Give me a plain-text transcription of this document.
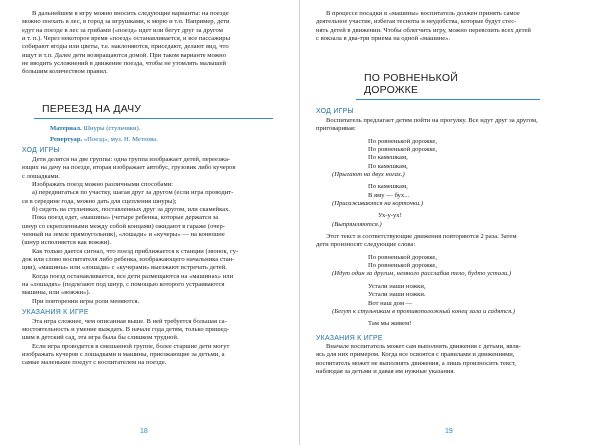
В дальнейшем в игру можно вносить следующие варианты: на поезде

можно поехать в лес, в город за игрушками, к морю и т.п. Например, дети

едут на поезде в лес за грибами («поезд» идет или бегут друг за другом

и т. п.). Через некоторое время «поезд» останавливается, и все пассажиры

собирают ягоды или цветы, т.е. наклоняются, приседают, делают вид, что

ищут и т.п. Далее дети возвращаются домой. При таком варианте можно

не вводить усложнений в движение поезда, чтобы не утомлять малышей

большим количеством правил.

ПЕРЕЕЗД НА ДАЧУ
Материал. Шнуры (стульчики).
Репертуар. «Поезд», муз. Н. Метлова.
ХОД ИГРЫ

Дети делятся на две группы: одна группа изображает детей, переезжа-

ющих на дачу на поезде, вторая изображает автобус, грузовик либо кучеров

с лошадками.

Изображать поезд можно различными способами:

а) передвигаться по участку, шагая друг за другом (если игра проводит-

ся в середине года, можно дать для сцепления шнуры);

б) сидеть на стульчиках, поставленных друг за другом, или скамейках.

Пока поезд едет, «машины» (четыре ребенка, которые держатся за

шнур со скрепленными между собой концами) ожидают в гараже (очер-

ченный на земле прямоугольник), «лошади» и «кучеры» — на конюшне

(шнур исполняется как вожжи).

Как только дается сигнал, что поезд приближается к станции (звонок, гу-

док или слово воспитателя либо ребенка, изображающего начальника стан-

ции), «машины» или «лошади» с «кучерами» выезжают встречать детей.

Когда поезд останавливается, все дети размещаются на «машинах» или

на «лошадях» (подлезают под шнур, с помощью которого устраиваются

машины, или «вожжи»).

При повторении игры роли меняются.

УКАЗАНИЯ К ИГРЕ

Эта игра сложнее, чем описанная выше. В ней требуется большая са-

мостоятельность и умение выждать. В начале года детям, только пришед-

шим в детский сад, эта игра была бы слишком трудной.

Если игра проводится в смешанной группе, более старшие дети могут

изображать кучеров с лошадками и машины, приезжающие за детьми, а

самые маленькие поедут с воспитателем на поезде.

18

В процессе посадки в «машины» воспитатель должен принять самое

деятельное участие, избегая тесноты и неудобства, которые будут стес-

нять детей в движении. Чтобы облегчить игру, можно перевозить всех детей

с вокзала в два-три приема на одной «машине».

ПО РОВНЕНЬКОЙ
ДОРОЖКЕ
ХОД ИГРЫ

Воспитатель предлагает детям пойти на прогулку. Все идут друг за другом,

приговаривая:

По ровненькой дорожке,
По ровненькой дорожке,
По камешкам,
По камешкам,
(Прыгают на двух ногах.)
По камешкам,
В яму — бух...
(Присаживаются на корточки.)
Ух-у-ух!
(Выпрямляются.)

Этот текст и соответствующие движения повторяются 2 раза. Затем

дети произносят следующие слова:

По ровненькой дорожке,
По ровненькой дорожке,
(Идут один за другим, немного расслабив тело, будто устали.)
Устали наши ножки,
Устали наши ножки.
Вот наш дом —
(Бегут к стульчикам в противоположный конец зала и садятся.)
Там мы живем!
УКАЗАНИЯ К ИГРЕ

Вначале воспитатель может сам выполнять движения с детьми, явля-

ясь для них примером. Когда все освоятся с правилами и движениями,

воспитатель может не выполнять движения, а лишь произносить текст,

наблюдая за детьми и давая им нужные указания.

19
